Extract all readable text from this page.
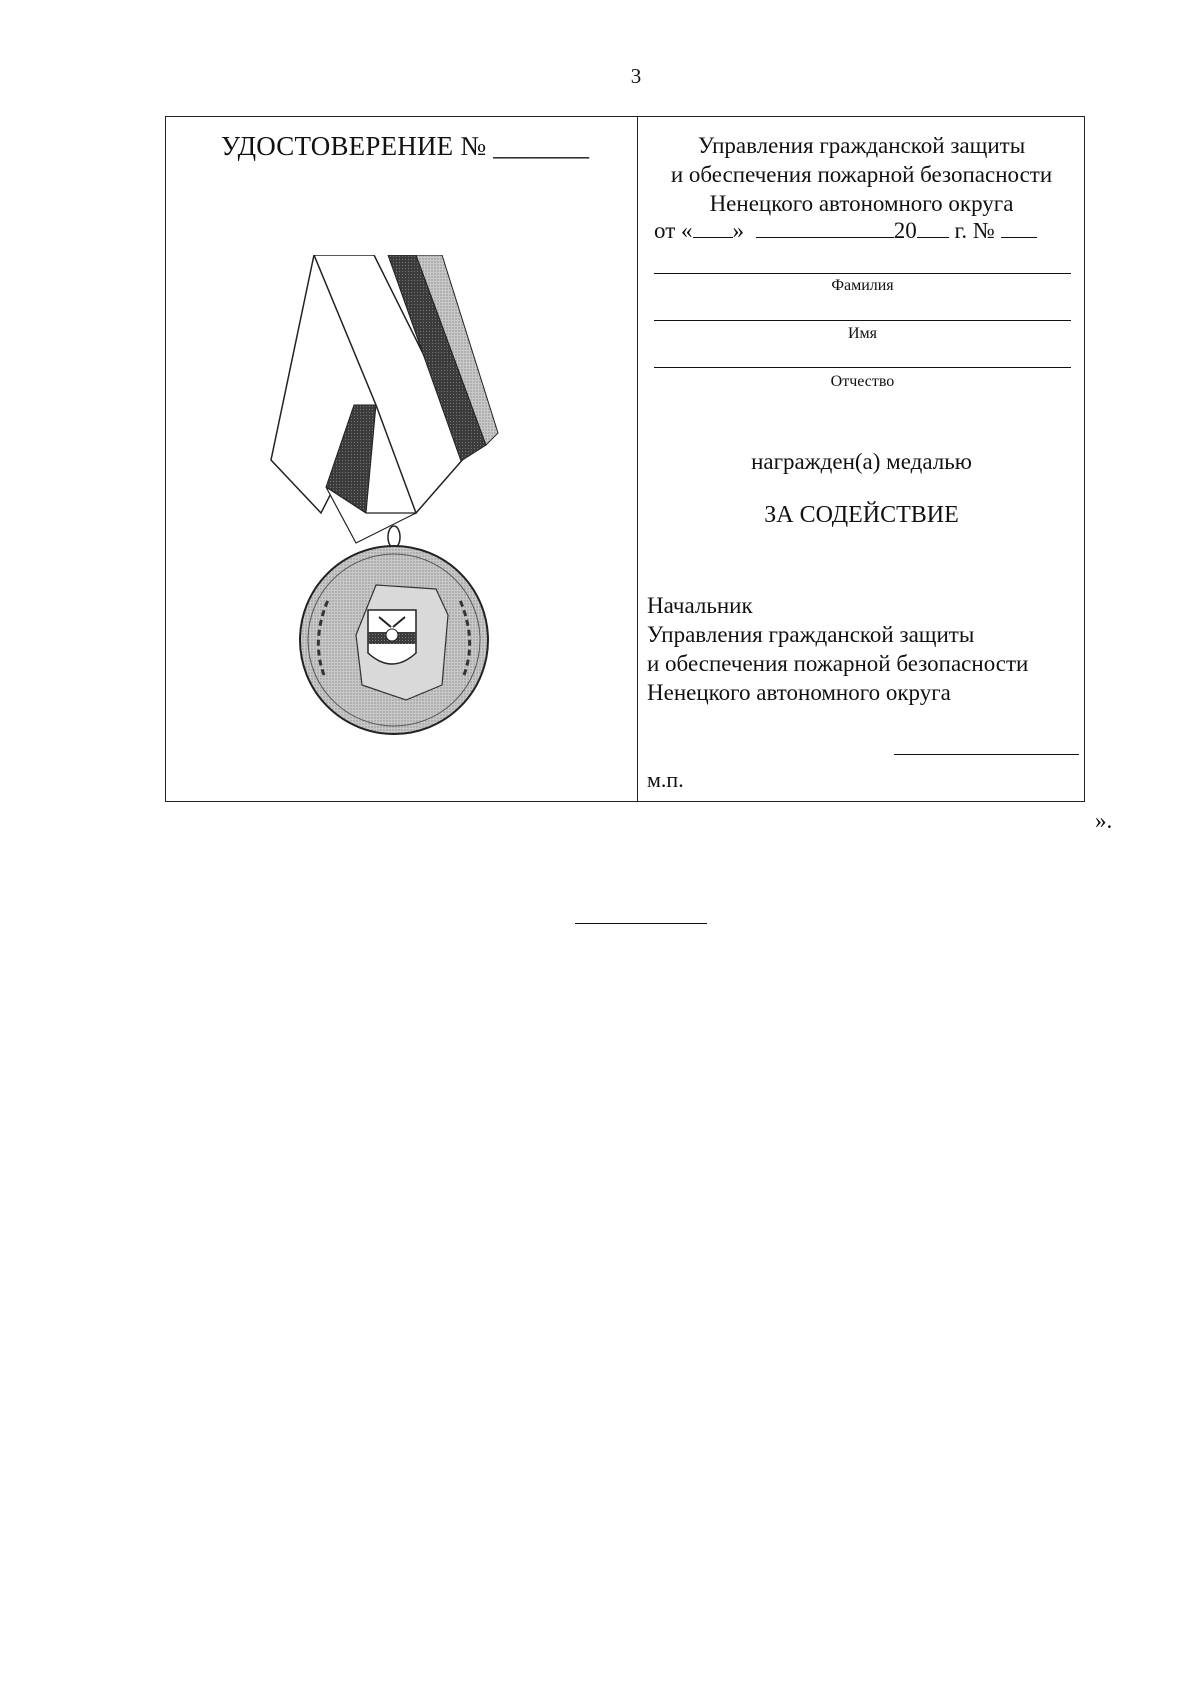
3
УДОСТОВЕРЕНИЕ № _______	Управления гражданской защиты
и обеспечения пожарной безопасности
Ненецкого автономного округа
от « »	20 г. №
Фамилия
Имя
Отчество
награжден(а) медалью
ЗА СОДЕЙСТВИЕ
Начальник
Управления гражданской защиты
и обеспечения пожарной безопасности
Ненецкого автономного округа
м.п.
».
